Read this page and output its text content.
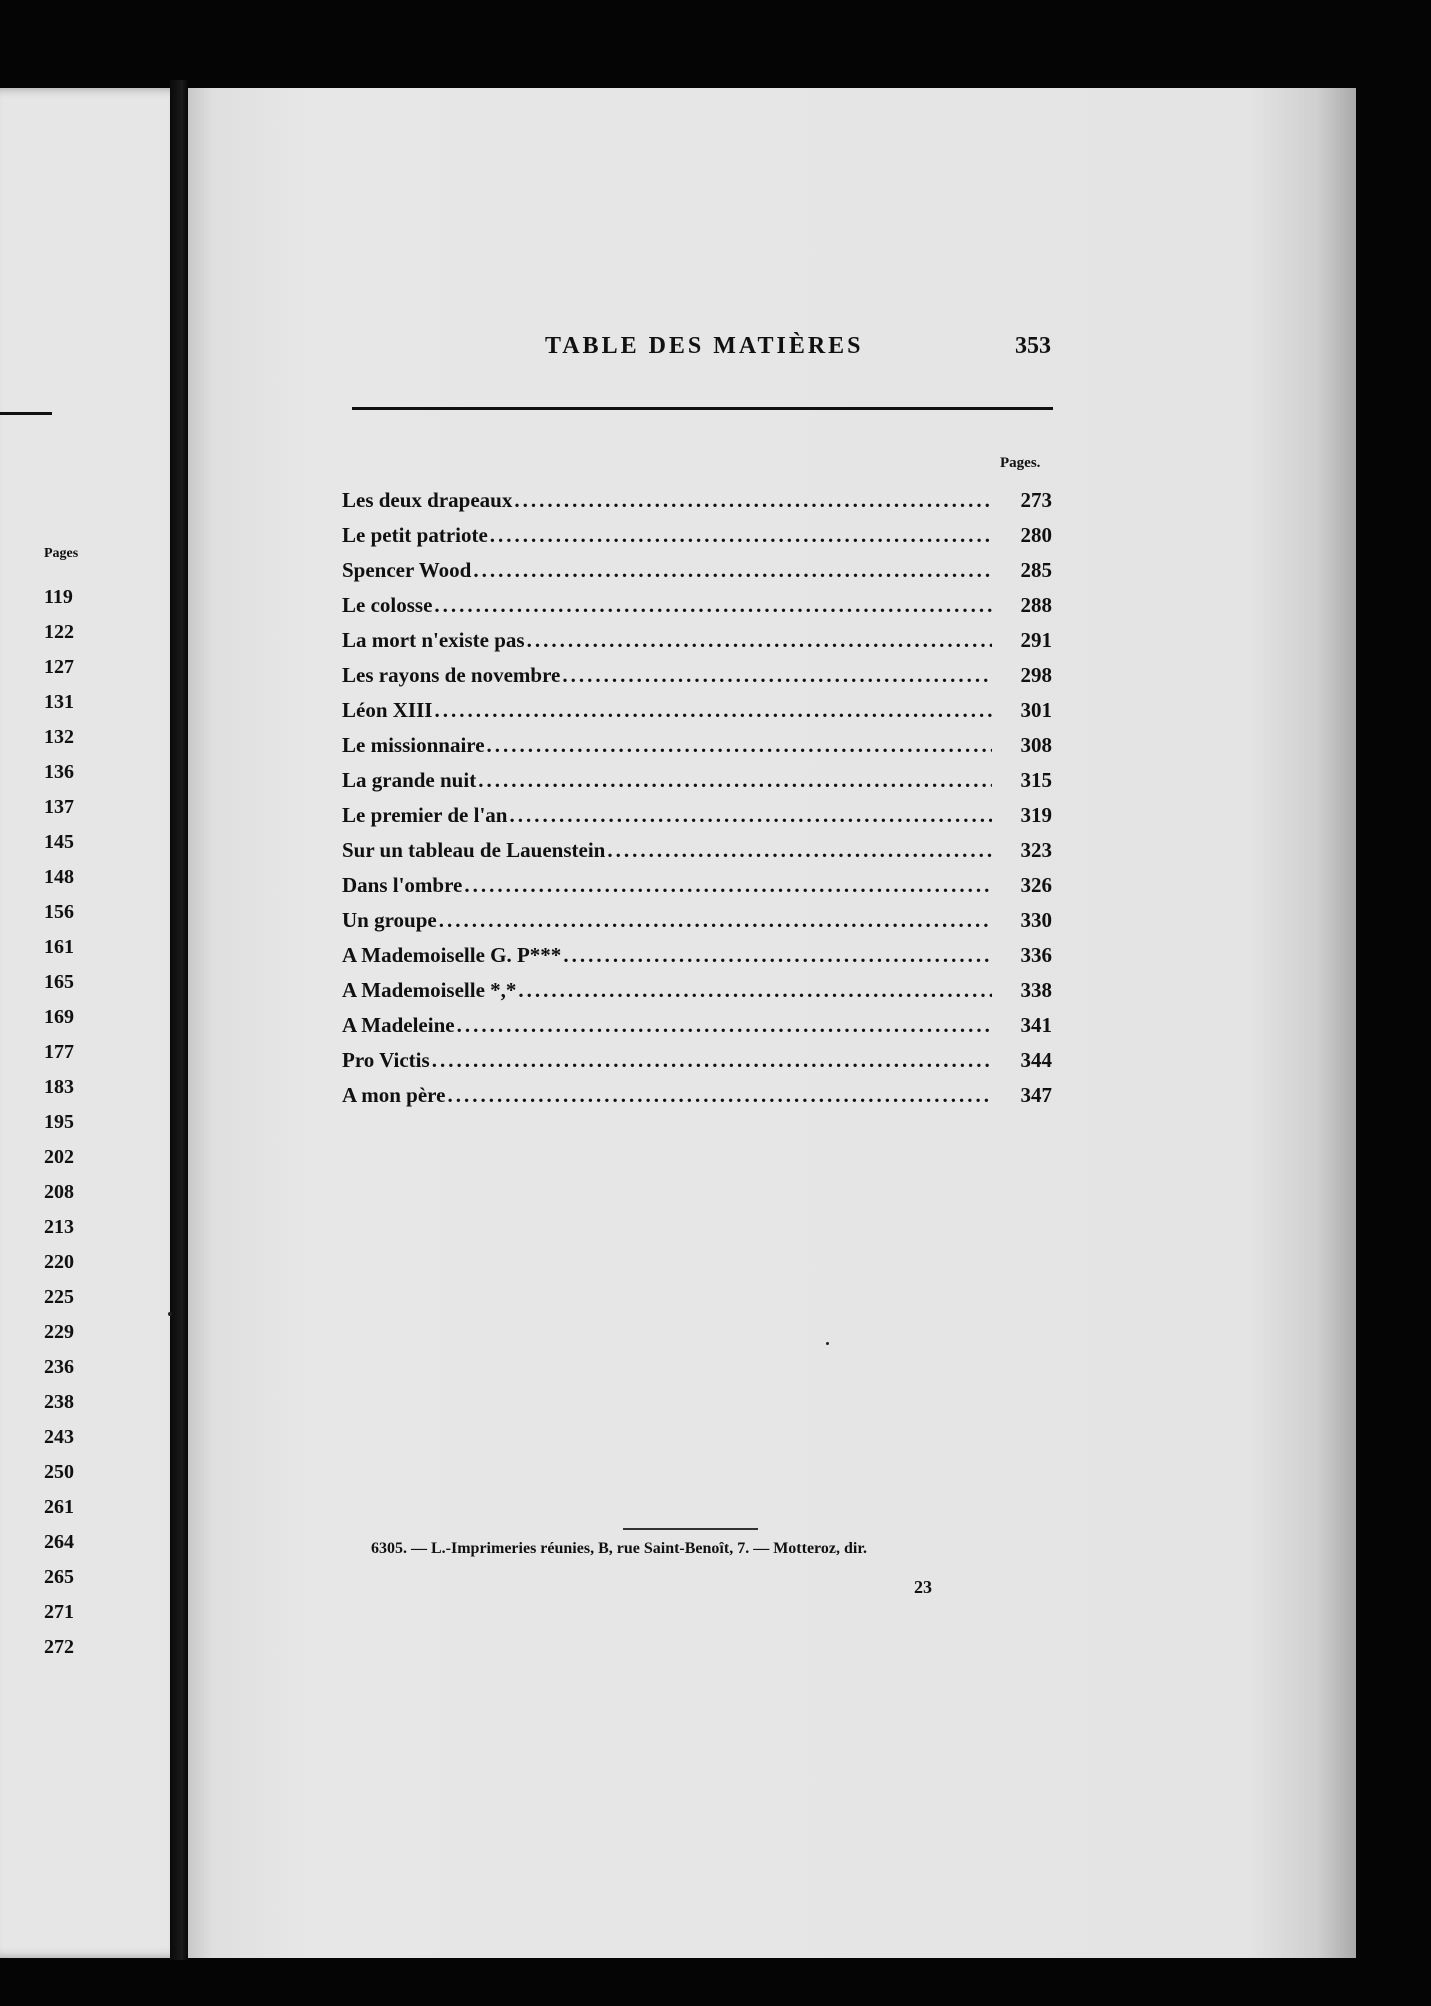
Pages
119
122
127
131
132
136
137
145
148
156
161
165
169
177
183
195
202
208
213
220
225
229
236
238
243
250
261
264
265
271
272
TABLE DES MATIÈRES	353
Pages.
Les deux drapeaux .....	273
Le petit patriote .....	280
Spencer Wood .....	285
Le colosse .....	288
La mort n'existe pas .....	291
Les rayons de novembre .....	298
Léon XIII .....	301
Le missionnaire .....	308
La grande nuit .....	315
Le premier de l'an .....	319
Sur un tableau de Lauenstein .....	323
Dans l'ombre .....	326
Un groupe .....	330
A Mademoiselle G. P*** .....	336
A Mademoiselle *,* .....	338
A Madeleine .....	341
Pro Victis .....	344
A mon père .....	347
6305. — L.-Imprimeries réunies, B, rue Saint-Benoît, 7. — Motteroz, dir.
23
